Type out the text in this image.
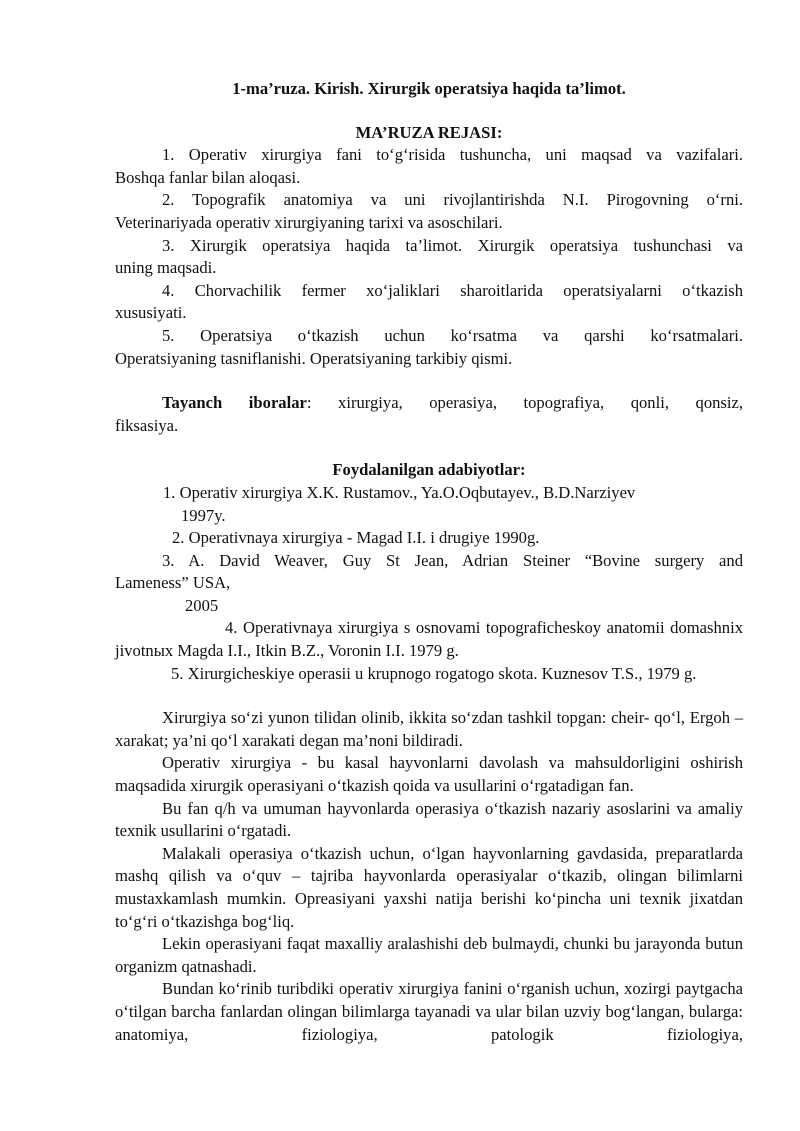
1-ma’ruza. Kirish. Xirurgik operatsiya haqida ta’limot.
MA’RUZA REJASI:
1. Operativ xirurgiya fani to‘g‘risida tushuncha, uni maqsad va vazifalari.
Boshqa fanlar bilan aloqasi.
2. Topografik anatomiya va uni rivojlantirishda N.I. Pirogovning o‘rni.
Veterinariyada operativ xirurgiyaning tarixi va asoschilari.
3. Xirurgik operatsiya haqida ta’limot. Xirurgik operatsiya tushunchasi va
uning maqsadi.
4. Chorvachilik fermer xo‘jaliklari sharoitlarida operatsiyalarni o‘tkazish
xususiyati.
5. Operatsiya o‘tkazish uchun ko‘rsatma va qarshi ko‘rsatmalari.
Operatsiyaning tasniflanishi. Operatsiyaning tarkibiy qismi.
Tayanch iboralar: xirurgiya, operasiya, topografiya, qonli, qonsiz,
fiksasiya.
Foydalanilgan adabiyotlar:
1. Operativ xirurgiya X.K. Rustamov., Ya.O.Oqbutayev., B.D.Narziyev
1997y.
2. Operativnaya xirurgiya - Magad I.I. i drugiye 1990g.
3. A. David Weaver, Guy St Jean, Adrian Steiner “Bovine surgery and
Lameness” USA,
2005
4. Operativnaya xirurgiya s osnovami topograficheskoy anatomii domashnix jivotnых Magda I.I., Itkin B.Z., Voronin I.I. 1979 g.
5. Xirurgicheskiye operasii u krupnogo rogatogo skota. Kuznesov T.S., 1979 g.
Xirurgiya so‘zi yunon tilidan olinib, ikkita so‘zdan tashkil topgan: cheir- qo‘l, Ergoh – xarakat; ya’ni qo‘l xarakati degan ma’noni bildiradi.
Operativ xirurgiya - bu kasal hayvonlarni davolash va mahsuldorligini oshirish maqsadida xirurgik operasiyani o‘tkazish qoida va usullarini o‘rgatadigan fan.
Bu fan q/h va umuman hayvonlarda operasiya o‘tkazish nazariy asoslarini va amaliy texnik usullarini o‘rgatadi.
Malakali operasiya o‘tkazish uchun, o‘lgan hayvonlarning gavdasida, preparatlarda mashq qilish va o‘quv – tajriba hayvonlarda operasiyalar o‘tkazib, olingan bilimlarni mustaxkamlash mumkin. Opreasiyani yaxshi natija berishi ko‘pincha uni texnik jixatdan to‘g‘ri o‘tkazishga bog‘liq.
Lekin operasiyani faqat maxalliy aralashishi deb bulmaydi, chunki bu jarayonda butun organizm qatnashadi.
Bundan ko‘rinib turibdiki operativ xirurgiya fanini o‘rganish uchun, xozirgi paytgacha o‘tilgan barcha fanlardan olingan bilimlarga tayanadi va ular bilan uzviy bog‘langan, bularga: anatomiya, fiziologiya, patologik fiziologiya,
